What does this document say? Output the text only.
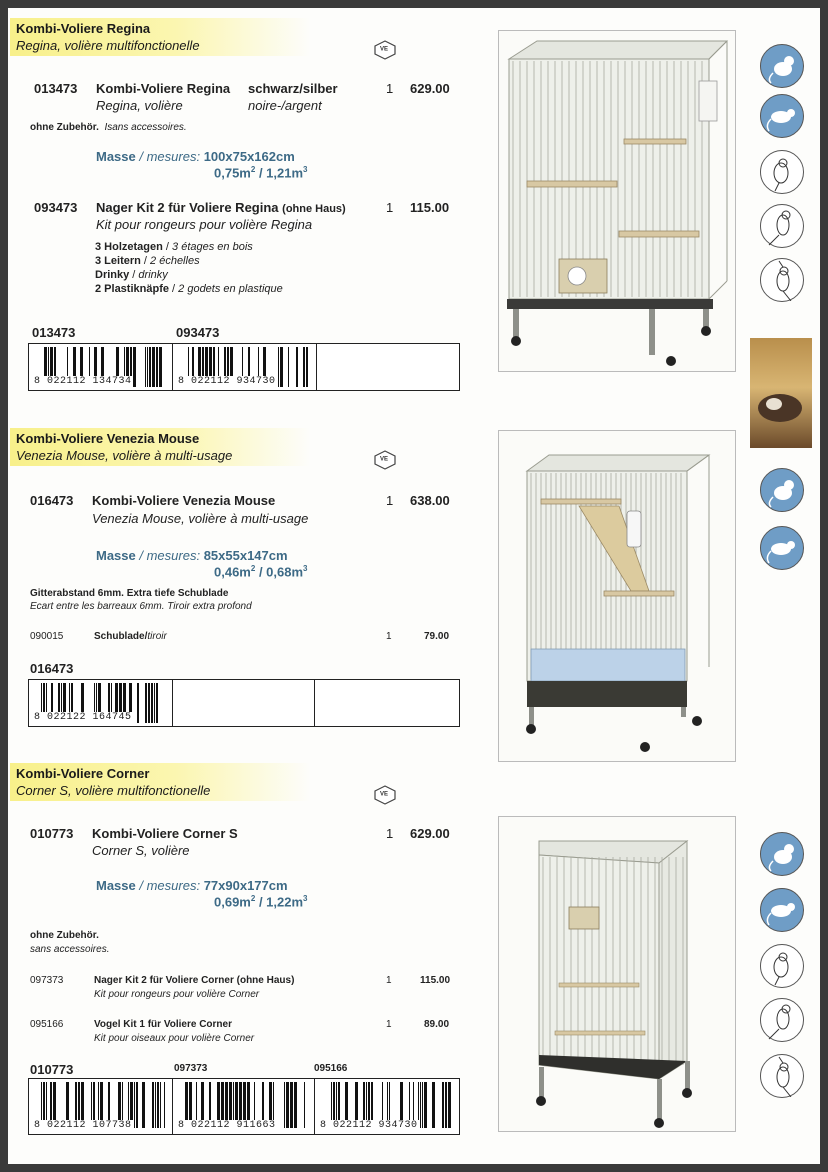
Kombi-Voliere Regina
Regina, volière multifonctionelle	VE
013473 Kombi-Voliere Regina
Regina, volière
schwarz/silber
noire-/argent
1 629.00
ohne Zubehör. Isans accessoires.
Masse / mesures: 100x75x162cm
$0,75m^2 / 1,21m^3$
093473 Nager Kit 2 für Voliere Regina (ohne Haus)
Kit pour rongeurs pour volière Regina
1 115.00
3 Holzetagen / 3 étages en bois
3 Leitern / 2 échelles
Drinky / drinky
2 Plastiknäpfe / 2 godets en plastique
013473	093473
8 022112 134734	8 022112 934730
Kombi-Voliere Venezia Mouse
Venezia Mouse, volière à multi-usage	VE
016473 Kombi-Voliere Venezia Mouse
Venezia Mouse, volière à multi-usage
1 638.00
Masse / mesures: 85x55x147cm
$0,46m^2 / 0,68m^3$
Gitterabstand 6mm. Extra tiefe Schublade
Ecart entre les barreaux 6mm. Tiroir extra profond
090015	Schublade/tiroir	1	79.00
016473
8 022122 164745
Kombi-Voliere Corner
Corner S, volière multifonctionelle	VE
010773 Kombi-Voliere Corner S
Corner S, volière
1 629.00
Masse / mesures: 77x90x177cm
$0,69m^2 / 1,22m^3$
ohne Zubehör.
sans accessoires.
097373	Nager Kit 2 für Voliere Corner (ohne Haus)
Kit pour rongeurs pour volière Corner
1	115.00
095166	Vogel Kit 1 für Voliere Corner
Kit pour oiseaux pour volière Corner
1	89.00
010773	097373	095166
8 022112 107738	8 022112 911663	8 022112 934730
